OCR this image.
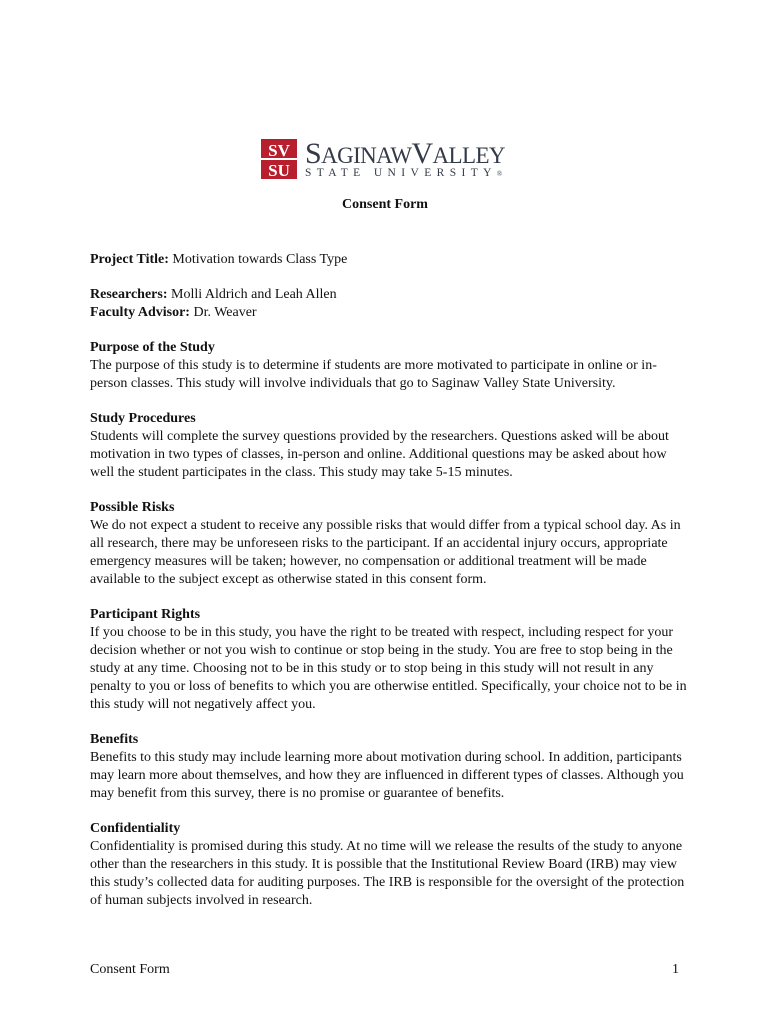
SV
SU
SAGINAWVALLEY
STATE UNIVERSITY®
Consent Form

Project Title: Motivation towards Class Type

Researchers: Molli Aldrich and Leah Allen

Faculty Advisor: Dr. Weaver

Purpose of the Study

The purpose of this study is to determine if students are more motivated to participate in online or in-person classes. This study will involve individuals that go to Saginaw Valley State University.

Study Procedures

Students will complete the survey questions provided by the researchers. Questions asked will be about motivation in two types of classes, in-person and online. Additional questions may be asked about how well the student participates in the class. This study may take 5-15 minutes.

Possible Risks

We do not expect a student to receive any possible risks that would differ from a typical school day. As in all research, there may be unforeseen risks to the participant. If an accidental injury occurs, appropriate emergency measures will be taken; however, no compensation or additional treatment will be made available to the subject except as otherwise stated in this consent form.

Participant Rights

If you choose to be in this study, you have the right to be treated with respect, including respect for your decision whether or not you wish to continue or stop being in the study. You are free to stop being in the study at any time. Choosing not to be in this study or to stop being in this study will not result in any penalty to you or loss of benefits to which you are otherwise entitled. Specifically, your choice not to be in this study will not negatively affect you.

Benefits

Benefits to this study may include learning more about motivation during school. In addition, participants may learn more about themselves, and how they are influenced in different types of classes. Although you may benefit from this survey, there is no promise or guarantee of benefits.

Confidentiality

Confidentiality is promised during this study. At no time will we release the results of the study to anyone other than the researchers in this study. It is possible that the Institutional Review Board (IRB) may view this study’s collected data for auditing purposes. The IRB is responsible for the oversight of the protection of human subjects involved in research.

Consent Form	1
